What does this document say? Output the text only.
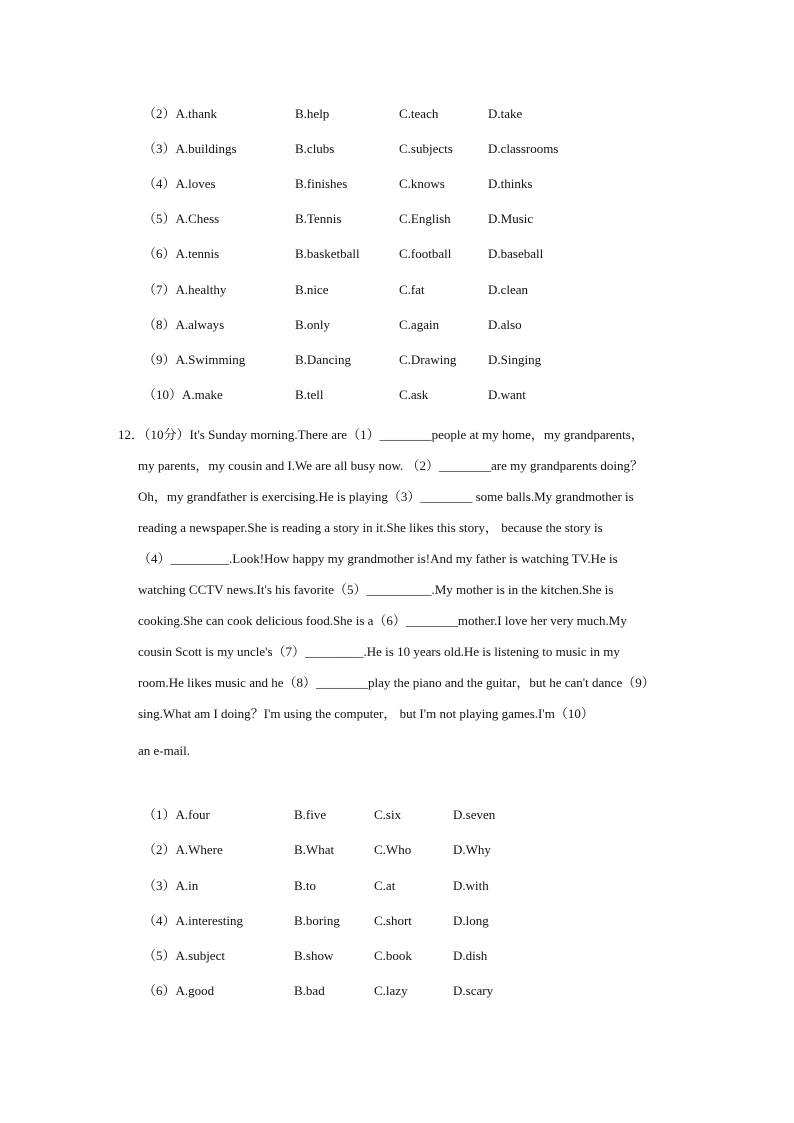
（2）A.thank	B.help	C.teach	D.take
（3）A.buildings	B.clubs	C.subjects	D.classrooms
（4）A.loves	B.finishes	C.knows	D.thinks
（5）A.Chess	B.Tennis	C.English	D.Music
（6）A.tennis	B.basketball	C.football	D.baseball
（7）A.healthy	B.nice	C.fat	D.clean
（8）A.always	B.only	C.again	D.also
（9）A.Swimming	B.Dancing	C.Drawing D.Singing
（10）A.make	B.tell	C.ask	D.want
12．（10分）It's Sunday morning.There are（1）________people at my home，my grandparents，
my parents，my cousin and I.We are all busy now. （2）________are my grandparents doing？
Oh，my grandfather is exercising.He is playing（3）________ some balls.My grandmother is
reading a newspaper.She is reading a story in it.She likes this story， because the story is
（4）_________.Look!How happy my grandmother is!And my father is watching TV.He is
watching CCTV news.It's his favorite（5）__________.My mother is in the kitchen.She is
cooking.She can cook delicious food.She is a（6）________mother.I love her very much.My
cousin Scott is my uncle's（7）_________.He is 10 years old.He is listening to music in my
room.He likes music and he（8）________play the piano and the guitar，but he can't dance（9）
sing.What am I doing？I'm using the computer， but I'm not playing games.I'm（10）
an e-mail.
（1）A.four	B.five	C.six	D.seven
（2）A.Where	B.What	C.Who	D.Why
（3）A.in	B.to	C.at	D.with
（4）A.interesting	B.boring	C.short	D.long
（5）A.subject	B.show	C.book	D.dish
（6）A.good	B.bad	C.lazy	D.scary
